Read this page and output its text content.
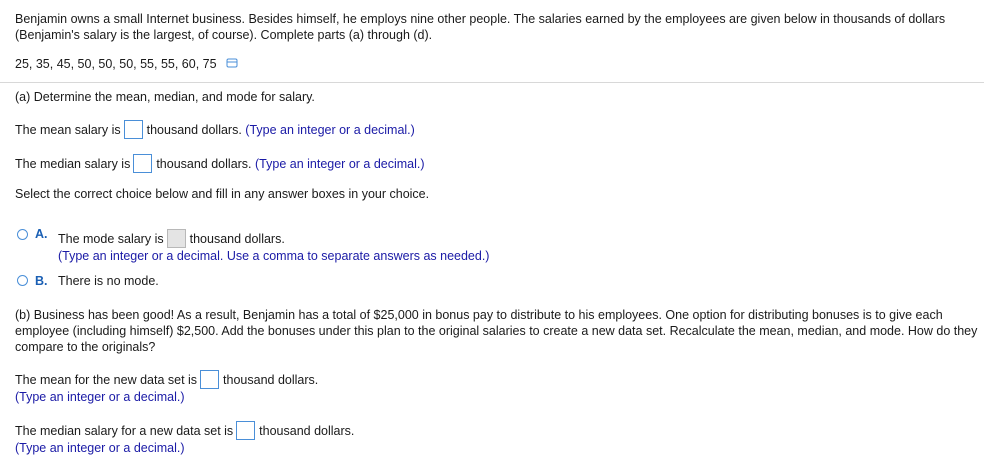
Benjamin owns a small Internet business. Besides himself, he employs nine other people. The salaries earned by the employees are given below in thousands of dollars (Benjamin's salary is the largest, of course). Complete parts (a) through (d).
25, 35, 45, 50, 50, 50, 55, 55, 60, 75
(a) Determine the mean, median, and mode for salary.
The mean salary is thousand dollars. (Type an integer or a decimal.)
The median salary is thousand dollars. (Type an integer or a decimal.)
Select the correct choice below and fill in any answer boxes in your choice.
A. The mode salary is thousand dollars.
(Type an integer or a decimal. Use a comma to separate answers as needed.)
B. There is no mode.
(b) Business has been good! As a result, Benjamin has a total of $25,000 in bonus pay to distribute to his employees. One option for distributing bonuses is to give each employee (including himself) $2,500. Add the bonuses under this plan to the original salaries to create a new data set. Recalculate the mean, median, and mode. How do they compare to the originals?
The mean for the new data set is thousand dollars.
(Type an integer or a decimal.)
The median salary for a new data set is thousand dollars.
(Type an integer or a decimal.)
